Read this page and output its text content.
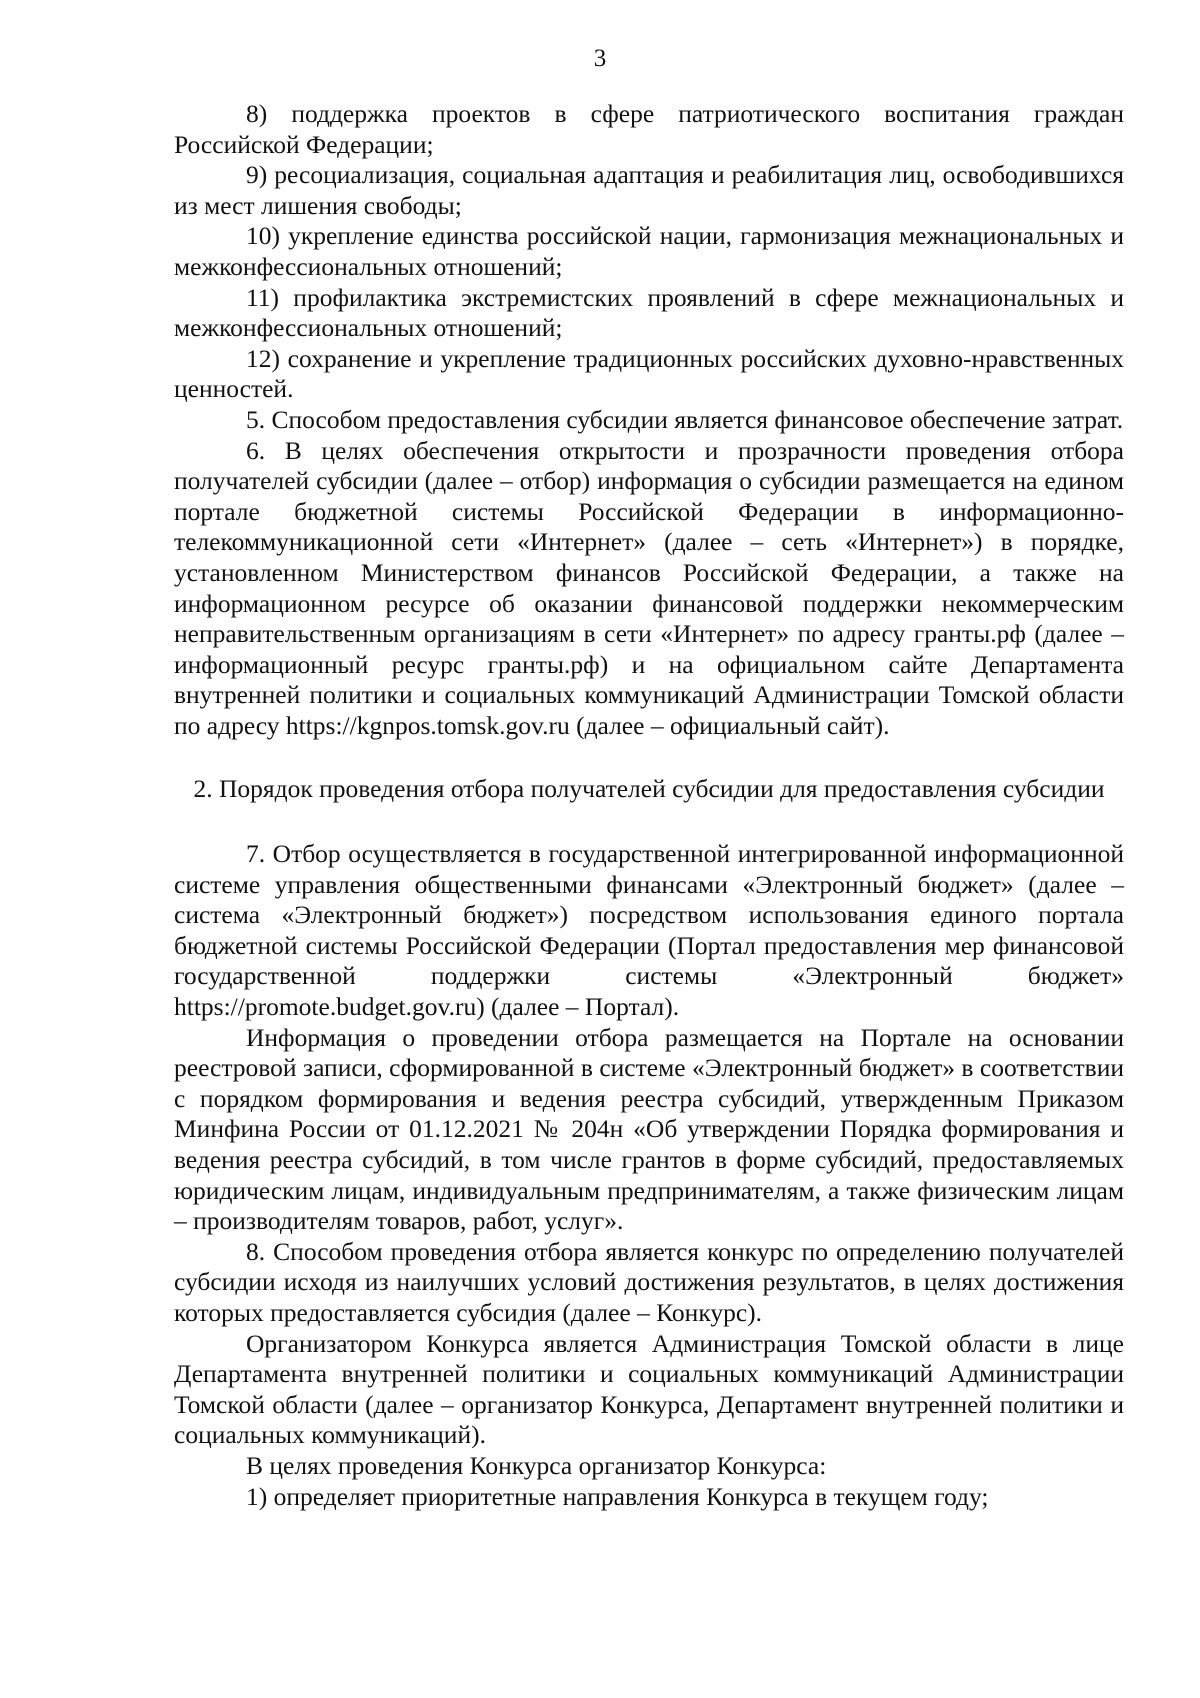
3

8) поддержка проектов в сфере патриотического воспитания граждан Российской Федерации;

9) ресоциализация, социальная адаптация и реабилитация лиц, освободившихся из мест лишения свободы;

10) укрепление единства российской нации, гармонизация межнациональных и межконфессиональных отношений;

11) профилактика экстремистских проявлений в сфере межнациональных и межконфессиональных отношений;

12) сохранение и укрепление традиционных российских духовно-нравственных ценностей.

5. Способом предоставления субсидии является финансовое обеспечение затрат.

6. В целях обеспечения открытости и прозрачности проведения отбора получателей субсидии (далее – отбор) информация о субсидии размещается на едином портале бюджетной системы Российской Федерации в информационно-телекоммуникационной сети «Интернет» (далее – сеть «Интернет») в порядке, установленном Министерством финансов Российской Федерации, а также на информационном ресурсе об оказании финансовой поддержки некоммерческим неправительственным организациям в сети «Интернет» по адресу гранты.рф (далее – информационный ресурс гранты.рф) и на официальном сайте Департамента внутренней политики и социальных коммуникаций Администрации Томской области по адресу https://kgnpos.tomsk.gov.ru (далее – официальный сайт).

2. Порядок проведения отбора получателей субсидии для предоставления субсидии

7. Отбор осуществляется в государственной интегрированной информационной системе управления общественными финансами «Электронный бюджет» (далее – система «Электронный бюджет») посредством использования единого портала бюджетной системы Российской Федерации (Портал предоставления мер финансовой государственной поддержки системы «Электронный бюджет» https://promote.budget.gov.ru) (далее – Портал).

Информация о проведении отбора размещается на Портале на основании реестровой записи, сформированной в системе «Электронный бюджет» в соответствии с порядком формирования и ведения реестра субсидий, утвержденным Приказом Минфина России от 01.12.2021 № 204н «Об утверждении Порядка формирования и ведения реестра субсидий, в том числе грантов в форме субсидий, предоставляемых юридическим лицам, индивидуальным предпринимателям, а также физическим лицам – производителям товаров, работ, услуг».

8. Способом проведения отбора является конкурс по определению получателей субсидии исходя из наилучших условий достижения результатов, в целях достижения которых предоставляется субсидия (далее – Конкурс).

Организатором Конкурса является Администрация Томской области в лице Департамента внутренней политики и социальных коммуникаций Администрации Томской области (далее – организатор Конкурса, Департамент внутренней политики и социальных коммуникаций).

В целях проведения Конкурса организатор Конкурса:

1) определяет приоритетные направления Конкурса в текущем году;
